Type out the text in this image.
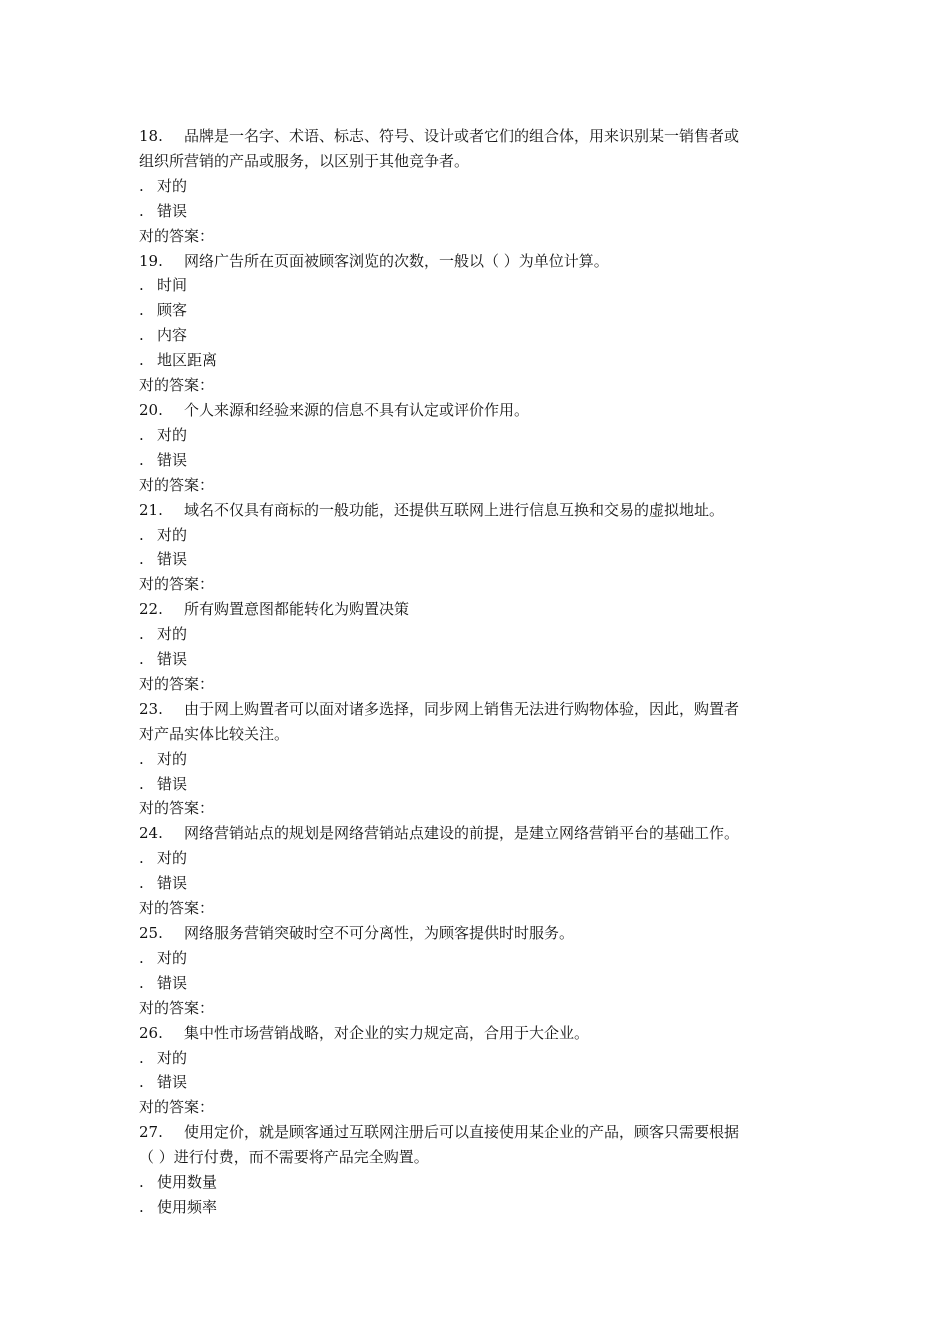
18.	品牌是一名字、术语、标志、符号、设计或者它们的组合体，用来识别某一销售者或
组织所营销的产品或服务，以区别于其他竞争者。
. 对的
. 错误
对的答案：
19.	网络广告所在页面被顾客浏览的次数，一般以（ ）为单位计算。
. 时间
. 顾客
. 内容
. 地区距离
对的答案：
20.	个人来源和经验来源的信息不具有认定或评价作用。
. 对的
. 错误
对的答案：
21.	域名不仅具有商标的一般功能，还提供互联网上进行信息互换和交易的虚拟地址。
. 对的
. 错误
对的答案：
22.	所有购置意图都能转化为购置决策
. 对的
. 错误
对的答案：
23.	由于网上购置者可以面对诸多选择，同步网上销售无法进行购物体验，因此，购置者
对产品实体比较关注。
. 对的
. 错误
对的答案：
24.	网络营销站点的规划是网络营销站点建设的前提，是建立网络营销平台的基础工作。
. 对的
. 错误
对的答案：
25.	网络服务营销突破时空不可分离性，为顾客提供时时服务。
. 对的
. 错误
对的答案：
26.	集中性市场营销战略，对企业的实力规定高，合用于大企业。
. 对的
. 错误
对的答案：
27.	使用定价，就是顾客通过互联网注册后可以直接使用某企业的产品，顾客只需要根据
（ ）进行付费，而不需要将产品完全购置。
. 使用数量
. 使用频率
